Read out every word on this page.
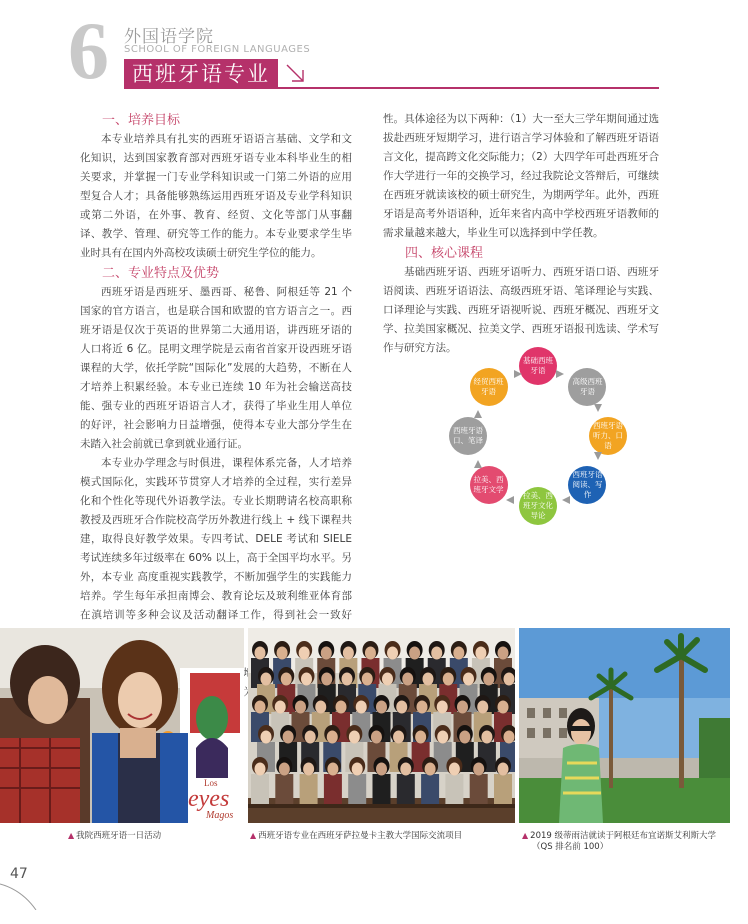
6 外国语学院
SCHOOL OF FOREIGN LANGUAGES
西班牙语专业
一、培养目标

本专业培养具有扎实的西班牙语语言基础、文学和文化知识，达到国家教育部对西班牙语专业本科毕业生的相关要求，并掌握一门专业学科知识或一门第二外语的应用型复合人才；具备能够熟练运用西班牙语及专业学科知识或第二外语，在外事、教育、经贸、文化等部门从事翻译、教学、管理、研究等工作的能力。本专业要求学生毕业时具有在国内外高校攻读硕士研究生学位的能力。

二、专业特点及优势

西班牙语是西班牙、墨西哥、秘鲁、阿根廷等 21 个国家的官方语言，也是联合国和欧盟的官方语言之一。西班牙语是仅次于英语的世界第二大通用语，讲西班牙语的人口将近 6 亿。昆明文理学院是云南省首家开设西班牙语课程的大学，依托学院“国际化”发展的大趋势，不断在人才培养上积累经验。本专业已连续 10 年为社会输送高技能、强专业的西班牙语语言人才，获得了毕业生用人单位的好评，社会影响力日益增强，使得本专业大部分学生在未踏入社会前就已拿到就业通行证。

本专业办学理念与时俱进，课程体系完备，人才培养模式国际化，实践环节贯穿人才培养的全过程，实行差异化和个性化等现代外语教学法。专业长期聘请名校高职称教授及西班牙合作院校高学历外教进行线上 + 线下课程共建，取得良好教学效果。专四考试、DELE 考试和 SIELE 考试连续多年过级率在 60% 以上，高于全国平均水平。另外，本专业 高度重视实践教学，不断加强学生的实践能力培养。学生每年承担南博会、教育论坛及玻利维亚体育部在滇培训等多种会议及活动翻译工作，得到社会一致好

性。具体途径为以下两种：（1）大一至大三学年期间通过选拔赴西班牙短期学习，进行语言学习体验和了解西班牙语语言文化，提高跨文化交际能力；（2）大四学年可赴西班牙合作大学进行一年的交换学习，经过我院论文答辩后，可继续在西班牙就读该校的硕士研究生，为期两学年。此外，西班牙语是高考外语语种，近年来省内高中学校西班牙语教师的需求量越来越大，毕业生可以选择到中学任教。

四、核心课程

基础西班牙语、西班牙语听力、西班牙语口语、西班牙语阅读、西班牙语语法、高级西班牙语、笔译理论与实践、口译理论与实践、西班牙语视听说、西班牙概况、西班牙文学、拉美国家概况、拉美文学、西班牙语报刊选读、学术写作与研究方法。

基础西班牙语
高级西班牙语
西班牙语听力、口语
西班牙语阅读、写作
拉美、西班牙文化导论
拉美、西班牙文学
西班牙语口、笔译
经贸西班牙语
Los
eyes
Magos
▲ 我院西班牙语一日活动	▲ 西班牙语专业在西班牙萨拉曼卡主教大学国际交流项目	▲ 2019 级蒂雨洁就读于阿根廷布宜诺斯艾利斯大学
（QS 排名前 100）
47
